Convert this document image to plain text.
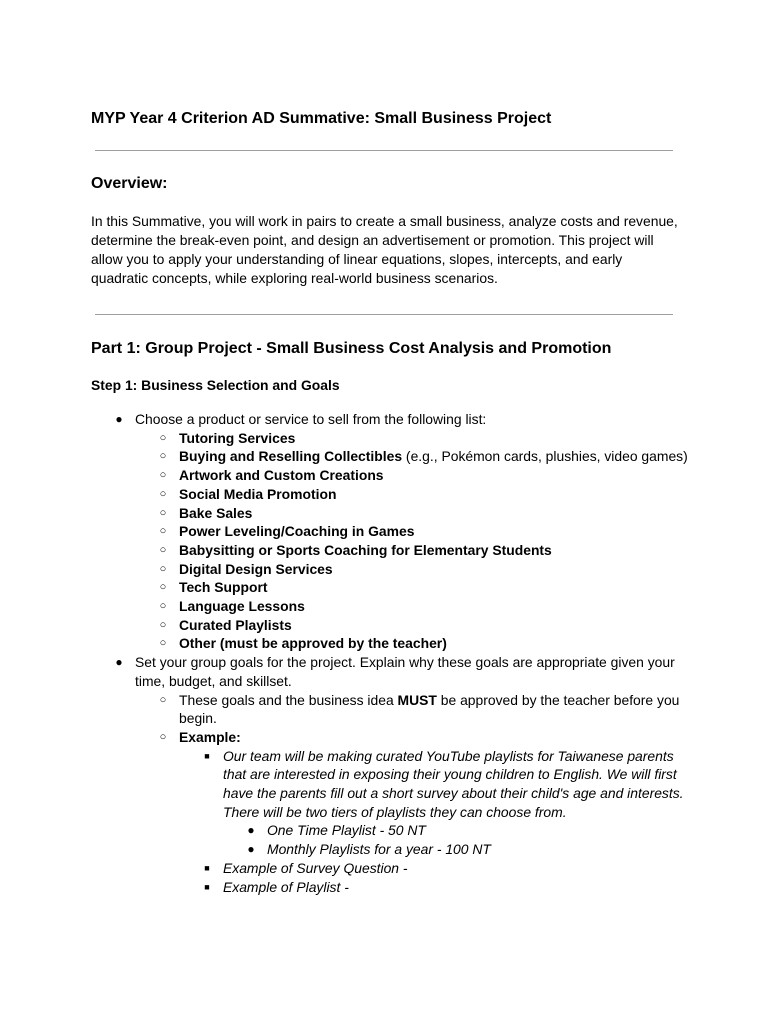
MYP Year 4 Criterion AD Summative: Small Business Project
Overview:

In this Summative, you will work in pairs to create a small business, analyze costs and revenue, determine the break-even point, and design an advertisement or promotion. This project will allow you to apply your understanding of linear equations, slopes, intercepts, and early quadratic concepts, while exploring real-world business scenarios.

Part 1: Group Project - Small Business Cost Analysis and Promotion

Step 1: Business Selection and Goals

● Choose a product or service to sell from the following list:
○ Tutoring Services
○ Buying and Reselling Collectibles (e.g., Pokémon cards, plushies, video games)
○ Artwork and Custom Creations
○ Social Media Promotion
○ Bake Sales
○ Power Leveling/Coaching in Games
○ Babysitting or Sports Coaching for Elementary Students
○ Digital Design Services
○ Tech Support
○ Language Lessons
○ Curated Playlists
○ Other (must be approved by the teacher)
● Set your group goals for the project. Explain why these goals are appropriate given your time, budget, and skillset.
○ These goals and the business idea MUST be approved by the teacher before you begin.
○ Example:
■ Our team will be making curated YouTube playlists for Taiwanese parents that are interested in exposing their young children to English. We will first have the parents fill out a short survey about their child's age and interests. There will be two tiers of playlists they can choose from.
● One Time Playlist - 50 NT
● Monthly Playlists for a year - 100 NT
■ Example of Survey Question -
■ Example of Playlist -
